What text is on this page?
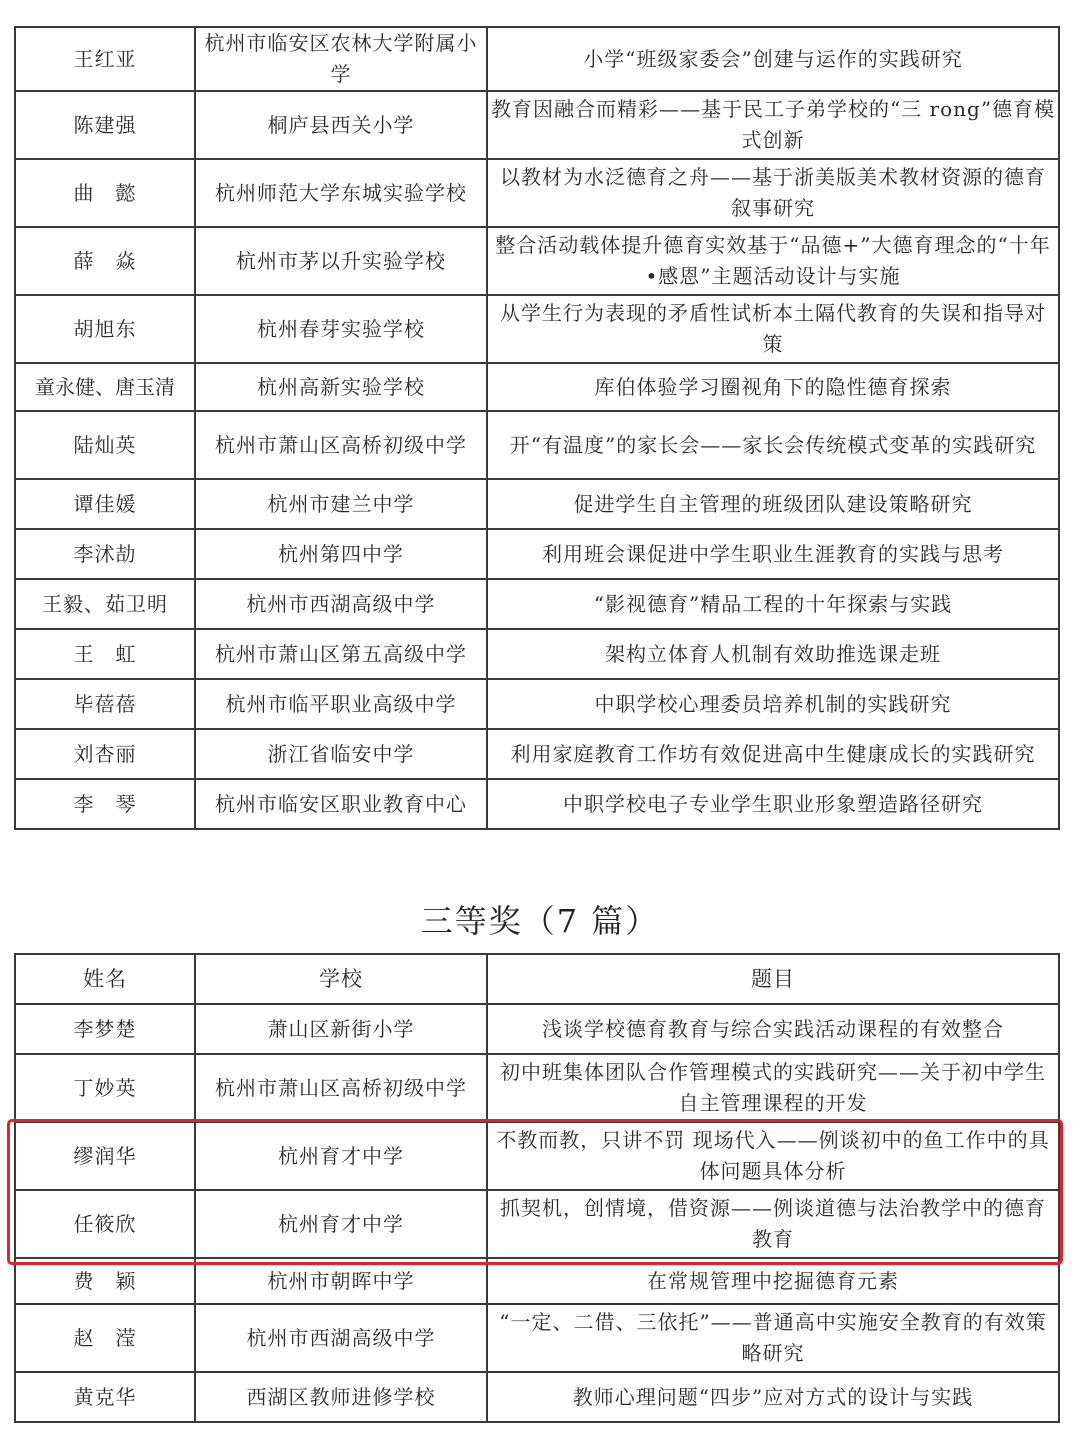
王红亚	杭州市临安区农林大学附属小学	小学“班级家委会”创建与运作的实践研究
陈建强	桐庐县西关小学	教育因融合而精彩——基于民工子弟学校的“三 rong”德育模式创新
曲　懿	杭州师范大学东城实验学校	以教材为水泛德育之舟——基于浙美版美术教材资源的德育叙事研究
薛　焱	杭州市茅以升实验学校	整合活动载体提升德育实效基于“品德+”大德育理念的“十年•感恩”主题活动设计与实施
胡旭东	杭州春芽实验学校	从学生行为表现的矛盾性试析本土隔代教育的失误和指导对策
童永健、唐玉清	杭州高新实验学校	库伯体验学习圈视角下的隐性德育探索
陆灿英	杭州市萧山区高桥初级中学	开“有温度”的家长会——家长会传统模式变革的实践研究
谭佳媛	杭州市建兰中学	促进学生自主管理的班级团队建设策略研究
李沭劼	杭州第四中学	利用班会课促进中学生职业生涯教育的实践与思考
王毅、茹卫明	杭州市西湖高级中学	“影视德育”精品工程的十年探索与实践
王　虹	杭州市萧山区第五高级中学	架构立体育人机制有效助推选课走班
毕蓓蓓	杭州市临平职业高级中学	中职学校心理委员培养机制的实践研究
刘杏丽	浙江省临安中学	利用家庭教育工作坊有效促进高中生健康成长的实践研究
李　琴	杭州市临安区职业教育中心	中职学校电子专业学生职业形象塑造路径研究
三等奖（7 篇）
姓名	学校	题目
李梦楚	萧山区新街小学	浅谈学校德育教育与综合实践活动课程的有效整合
丁妙英	杭州市萧山区高桥初级中学	初中班集体团队合作管理模式的实践研究——关于初中学生自主管理课程的开发
缪润华	杭州育才中学	不教而教，只讲不罚 现场代入——例谈初中的鱼工作中的具体问题具体分析
任筱欣	杭州育才中学	抓契机，创情境，借资源——例谈道德与法治教学中的德育教育
费　颖	杭州市朝晖中学	在常规管理中挖掘德育元素
赵　滢	杭州市西湖高级中学	“一定、二借、三依托”——普通高中实施安全教育的有效策略研究
黄克华	西湖区教师进修学校	教师心理问题“四步”应对方式的设计与实践
